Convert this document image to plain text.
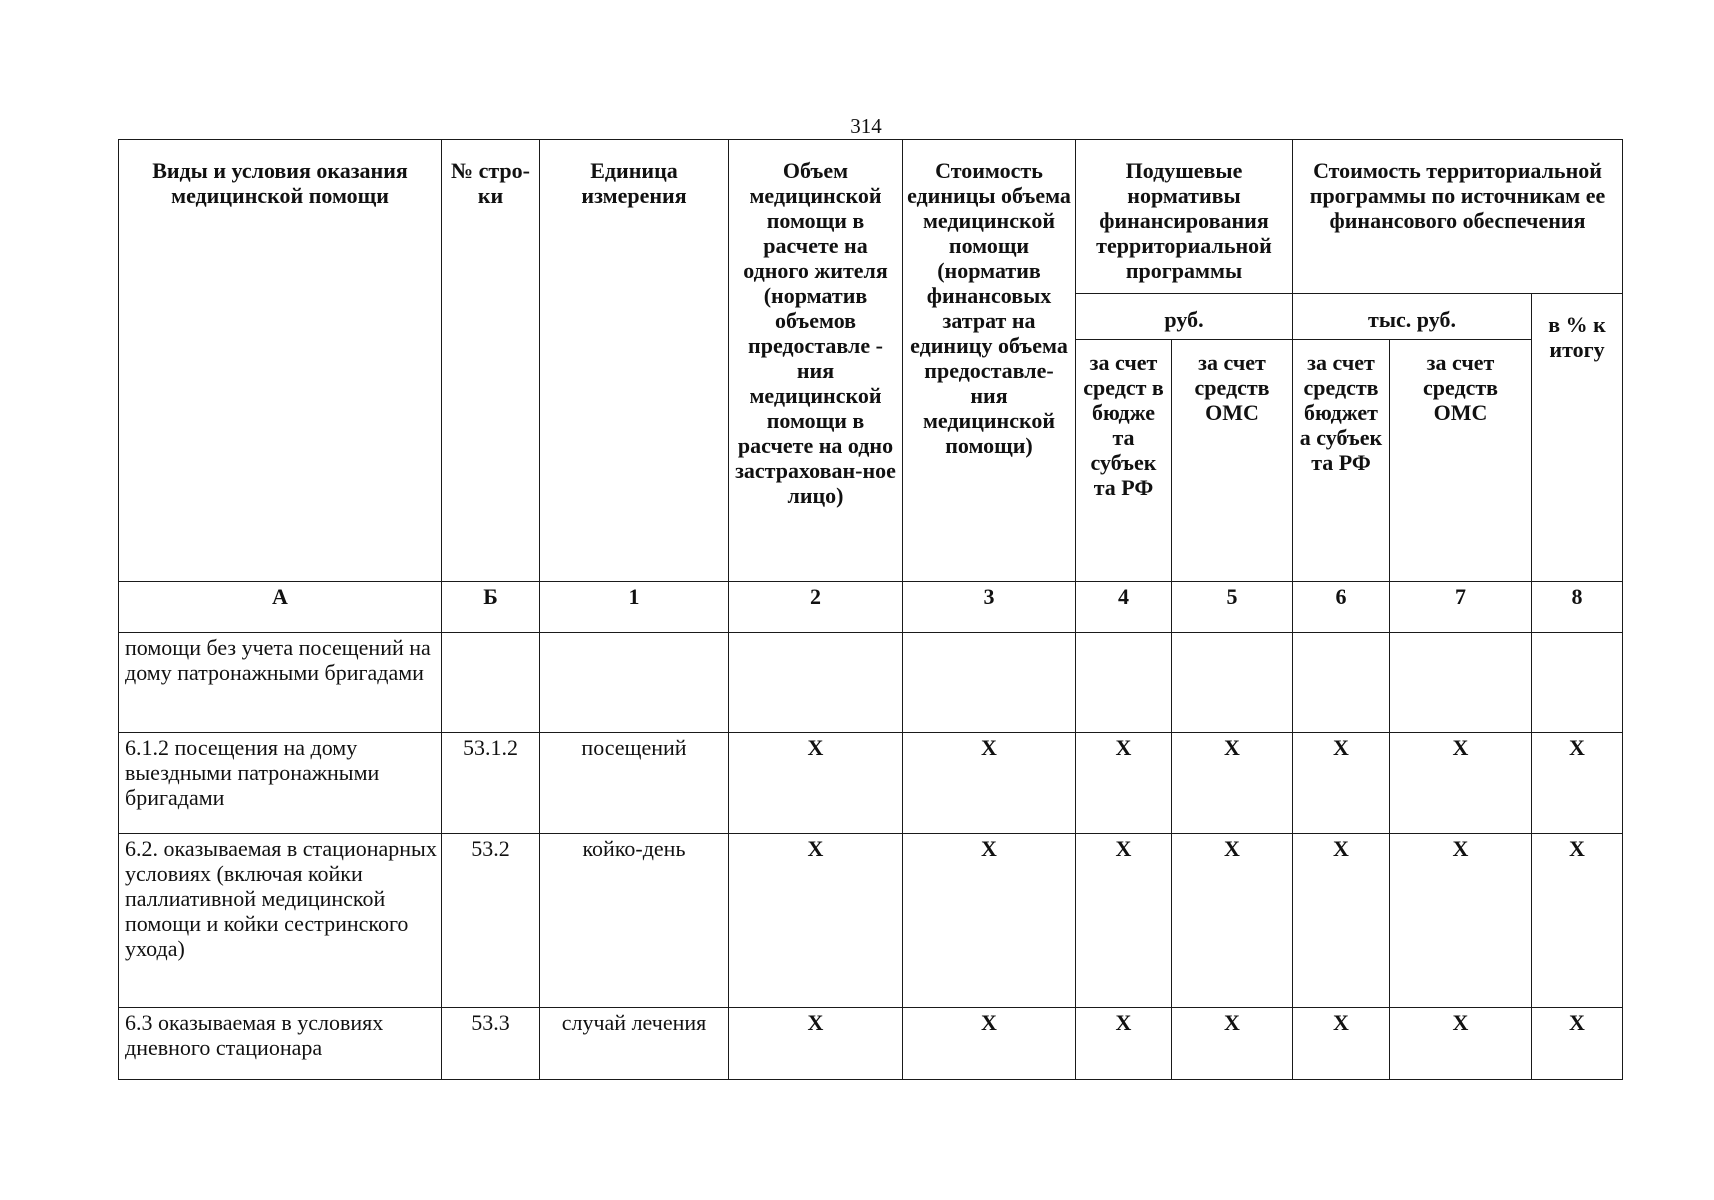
314
Виды и условия оказания медицинской помощи	№ стро-ки	Единица измерения	Объем медицинской помощи в расчете на одного жителя (норматив объемов предоставле - ния медицинской помощи в расчете на одно застрахован-ное лицо)	Стоимость единицы объема медицинской помощи (норматив финансовых затрат на единицу объема предоставле-ния медицинской помощи)	Подушевые нормативы финансирования территориальной программы		Стоимость территориальной программы по источникам ее финансового обеспечения		
					руб.		тыс. руб.		в % к итогу
					за счет средст в бюдже та субъек та РФ	за счет средств ОМС	за счет средств бюджет а субъек та РФ	за счет средств ОМС	
А	Б	1	2	3	4	5	6	7	8
помощи без учета посещений на дому патронажными бригадами									
6.1.2 посещения на дому выездными патронажными бригадами	53.1.2	посещений	Х	Х	Х	Х	Х	Х	Х
6.2. оказываемая в стационарных условиях (включая койки паллиативной медицинской помощи и койки сестринского ухода)	53.2	койко-день	Х	Х	Х	Х	Х	Х	Х
6.3 оказываемая в условиях дневного стационара	53.3	случай лечения	Х	Х	Х	Х	Х	Х	Х
